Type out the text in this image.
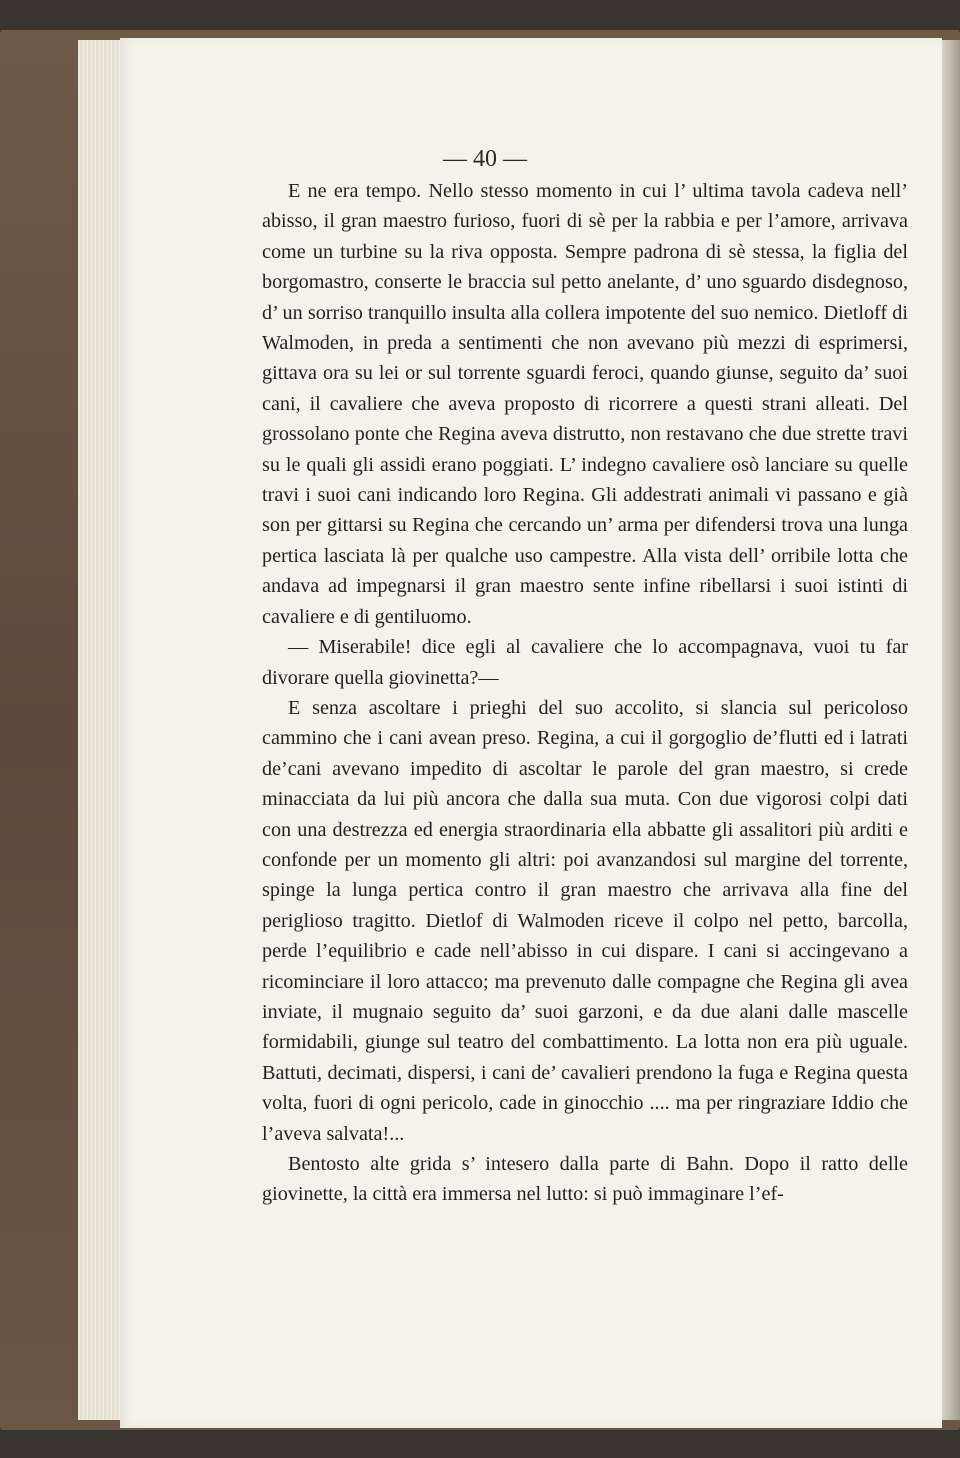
— 40 —

E ne era tempo. Nello stesso momento in cui l’ ultima tavola cadeva nell’ abisso, il gran maestro furioso, fuori di sè per la rabbia e per l’amore, arrivava come un turbine su la riva opposta. Sempre padrona di sè stessa, la figlia del borgomastro, conserte le braccia sul petto anelante, d’ uno sguardo disdegnoso, d’ un sorriso tranquillo insulta alla collera impotente del suo nemico. Dietloff di Walmoden, in preda a sentimenti che non avevano più mezzi di esprimersi, gittava ora su lei or sul torrente sguardi feroci, quando giunse, seguito da’ suoi cani, il cavaliere che aveva proposto di ricorrere a questi strani alleati. Del grossolano ponte che Regina aveva distrutto, non restavano che due strette travi su le quali gli assidi erano poggiati. L’ indegno cavaliere osò lanciare su quelle travi i suoi cani indicando loro Regina. Gli addestrati animali vi passano e già son per gittarsi su Regina che cercando un’ arma per difendersi trova una lunga pertica lasciata là per qualche uso campestre. Alla vista dell’ orribile lotta che andava ad impegnarsi il gran maestro sente infine ribellarsi i suoi istinti di cavaliere e di gentiluomo.

— Miserabile! dice egli al cavaliere che lo accompagnava, vuoi tu far divorare quella giovinetta?—

E senza ascoltare i prieghi del suo accolito, si slancia sul pericoloso cammino che i cani avean preso. Regina, a cui il gorgoglio de’flutti ed i latrati de’cani avevano impedito di ascoltar le parole del gran maestro, si crede minacciata da lui più ancora che dalla sua muta. Con due vigorosi colpi dati con una destrezza ed energia straordinaria ella abbatte gli assalitori più arditi e confonde per un momento gli altri: poi avanzandosi sul margine del torrente, spinge la lunga pertica contro il gran maestro che arrivava alla fine del periglioso tragitto. Dietlof di Walmoden riceve il colpo nel petto, barcolla, perde l’equilibrio e cade nell’abisso in cui dispare. I cani si accingevano a ricominciare il loro attacco; ma prevenuto dalle compagne che Regina gli avea inviate, il mugnaio seguito da’ suoi garzoni, e da due alani dalle mascelle formidabili, giunge sul teatro del combattimento. La lotta non era più uguale. Battuti, decimati, dispersi, i cani de’ cavalieri prendono la fuga e Regina questa volta, fuori di ogni pericolo, cade in ginocchio .... ma per ringraziare Iddio che l’aveva salvata!...

Bentosto alte grida s’ intesero dalla parte di Bahn. Dopo il ratto delle giovinette, la città era immersa nel lutto: si può immaginare l’ef-
